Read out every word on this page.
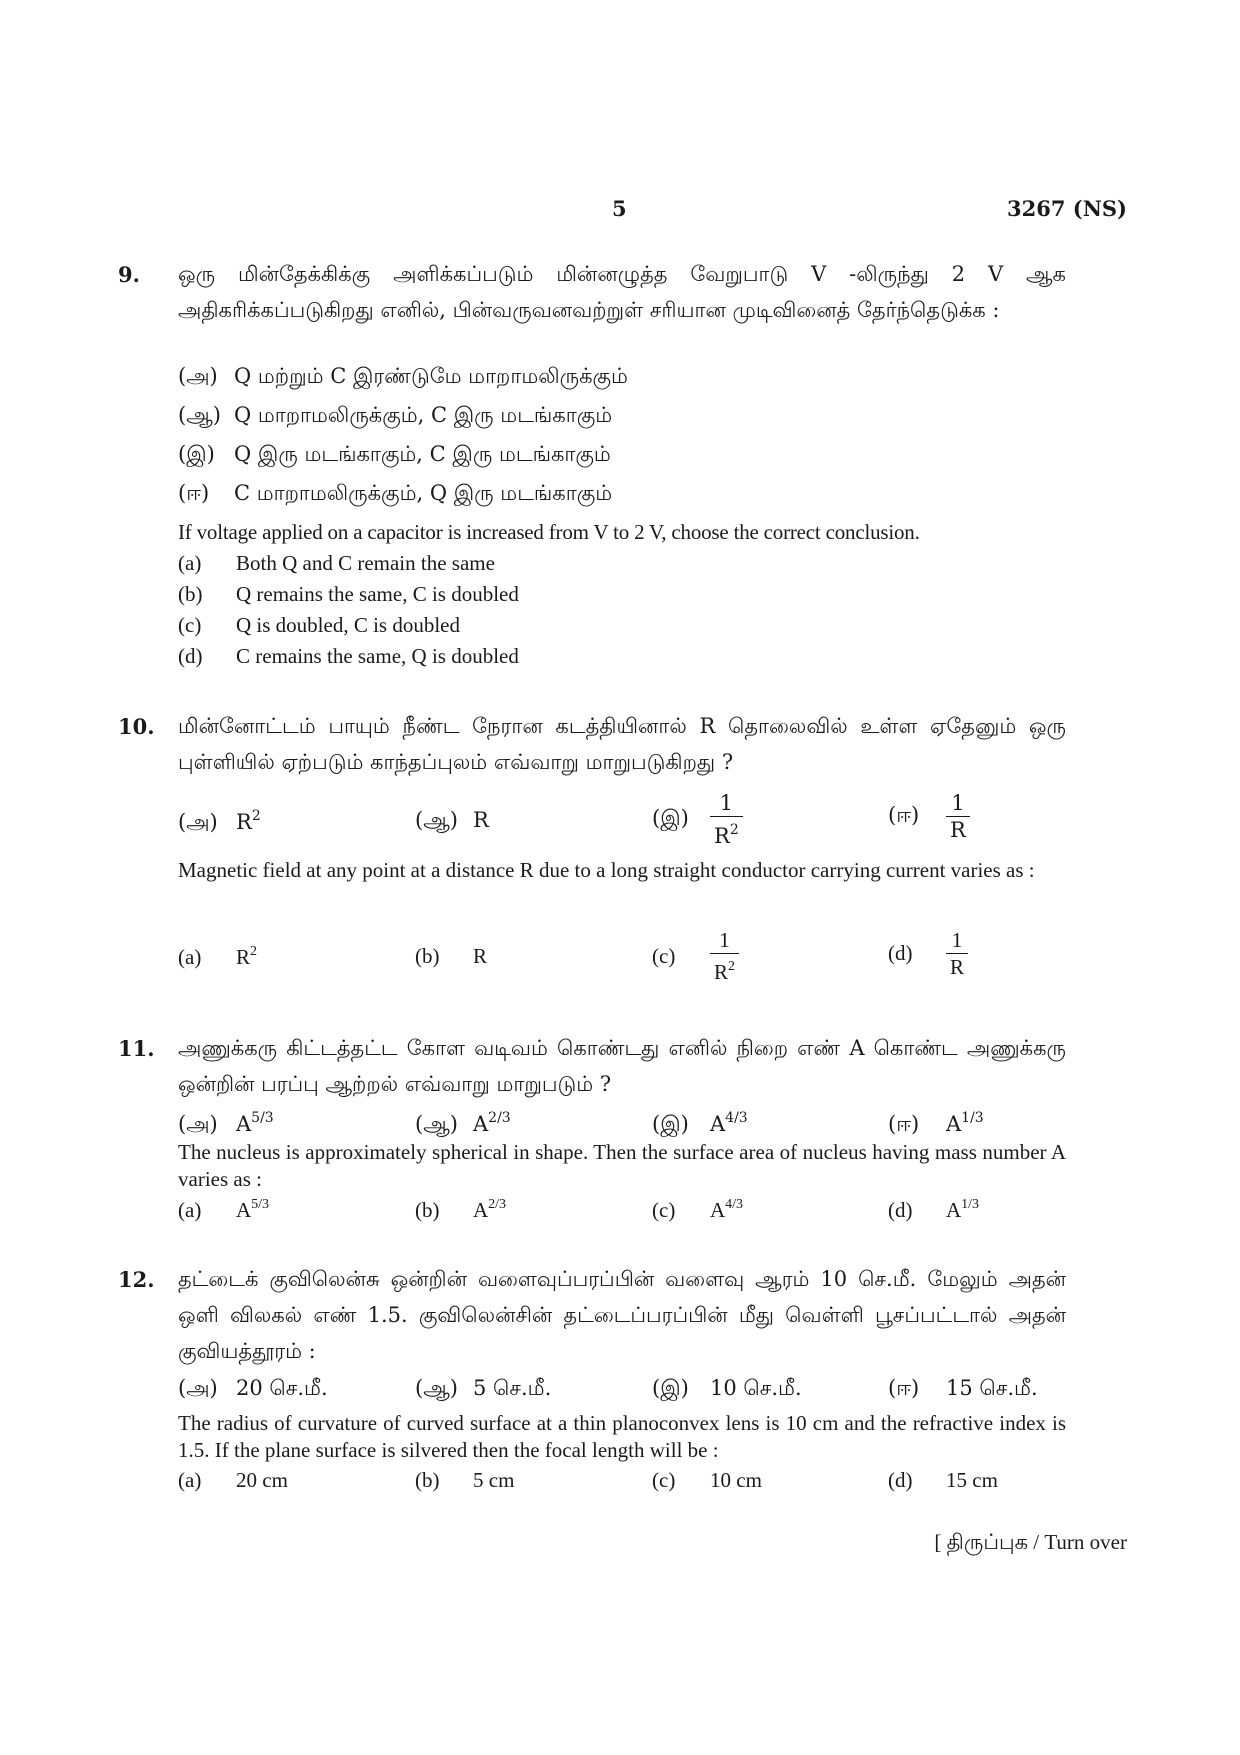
5	3267 (NS)
9. ஒரு மின்தேக்கிக்கு அளிக்கப்படும் மின்னழுத்த வேறுபாடு V -லிருந்து 2 V ஆக அதிகரிக்கப்படுகிறது எனில், பின்வருவனவற்றுள் சரியான முடிவினைத் தேர்ந்தெடுக்க :
(அ) Q மற்றும் C இரண்டுமே மாறாமலிருக்கும்
(ஆ) Q மாறாமலிருக்கும், C இரு மடங்காகும்
(இ) Q இரு மடங்காகும், C இரு மடங்காகும்
(ஈ) C மாறாமலிருக்கும், Q இரு மடங்காகும்
If voltage applied on a capacitor is increased from V to 2 V, choose the correct conclusion.
(a) Both Q and C remain the same
(b) Q remains the same, C is doubled
(c) Q is doubled, C is doubled
(d) C remains the same, Q is doubled
10. மின்னோட்டம் பாயும் நீண்ட நேரான கடத்தியினால் R தொலைவில் உள்ள ஏதேனும் ஒரு புள்ளியில் ஏற்படும் காந்தப்புலம் எவ்வாறு மாறுபடுகிறது ?
(அ) $R^2$	(ஆ) R	(இ) $\frac{1}{R^2}$	(ஈ) $\frac{1}{R}$
Magnetic field at any point at a distance R due to a long straight conductor carrying current varies as :
(a) $R^2$	(b) R	$(c) \frac{1}{R^2}$	$(d) \frac{1}{R}$
11. அணுக்கரு கிட்டத்தட்ட கோள வடிவம் கொண்டது எனில் நிறை எண் A கொண்ட அணுக்கரு ஒன்றின் பரப்பு ஆற்றல் எவ்வாறு மாறுபடும் ?
(அ) $A^{5/3}$	(ஆ) $A^{2/3}$	(இ) $A^{4/3}$	(ஈ) $A^{1/3}$
The nucleus is approximately spherical in shape. Then the surface area of nucleus having mass number A varies as :
(a) $A^{5/3}$	(b) $A^{2/3}$	(c) $A^{4/3}$	(d) $A^{1/3}$
12. தட்டைக் குவிலென்சு ஒன்றின் வளைவுப்பரப்பின் வளைவு ஆரம் 10 செ.மீ. மேலும் அதன் ஒளி விலகல் எண் 1.5. குவிலென்சின் தட்டைப்பரப்பின் மீது வெள்ளி பூசப்பட்டால் அதன் குவியத்தூரம் :
(அ) 20 செ.மீ.	(ஆ) 5 செ.மீ.	(இ) 10 செ.மீ.	(ஈ) 15 செ.மீ.
The radius of curvature of curved surface at a thin planoconvex lens is 10 cm and the refractive index is 1.5. If the plane surface is silvered then the focal length will be :
(a) 20 cm	(b) 5 cm	(c) 10 cm	(d) 15 cm
[ திருப்புக / Turn over
